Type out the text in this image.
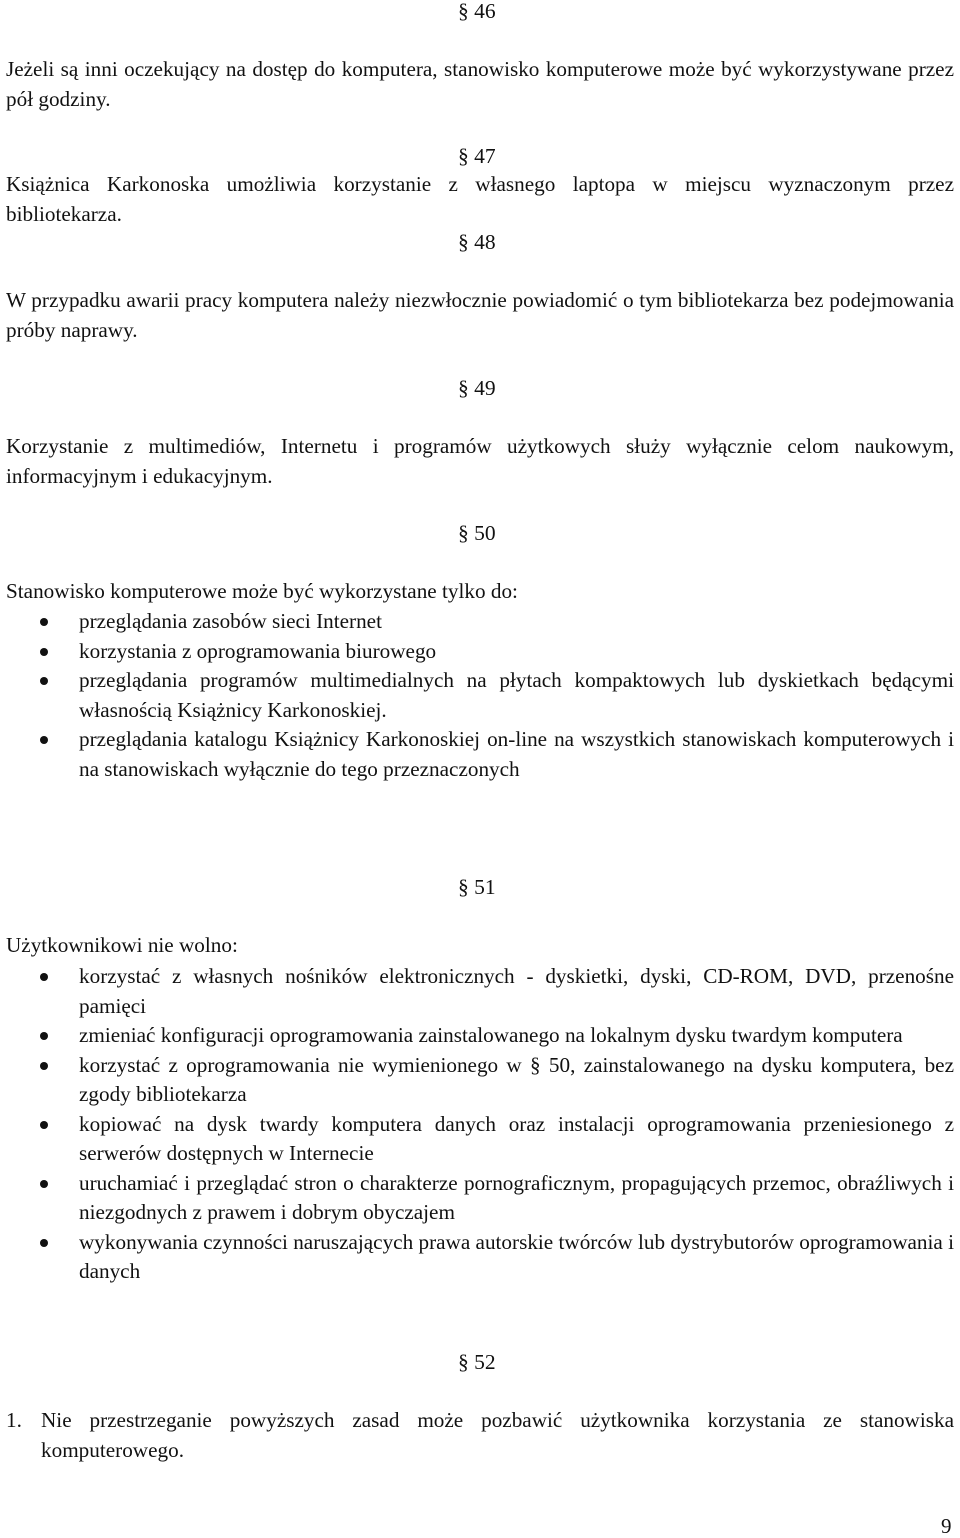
§ 46

Jeżeli są inni oczekujący na dostęp do komputera, stanowisko komputerowe może być wykorzystywane przez pół godziny.

§ 47

Książnica Karkonoska umożliwia korzystanie z własnego laptopa w miejscu wyznaczonym przez bibliotekarza.

§ 48

W przypadku awarii pracy komputera należy niezwłocznie powiadomić o tym bibliotekarza bez podejmowania próby naprawy.

§ 49

Korzystanie z multimediów, Internetu i programów użytkowych służy wyłącznie celom naukowym, informacyjnym i edukacyjnym.

§ 50

Stanowisko komputerowe może być wykorzystane tylko do:

przeglądania zasobów sieci Internet
korzystania z oprogramowania biurowego
przeglądania programów multimedialnych na płytach kompaktowych lub dyskietkach będącymi własnością Książnicy Karkonoskiej.
przeglądania katalogu Książnicy Karkonoskiej on-line na wszystkich stanowiskach komputerowych i na stanowiskach wyłącznie do tego przeznaczonych
§ 51

Użytkownikowi nie wolno:

korzystać z własnych nośników elektronicznych - dyskietki, dyski, CD-ROM, DVD, przenośne pamięci
zmieniać konfiguracji oprogramowania zainstalowanego na lokalnym dysku twardym komputera
korzystać z oprogramowania nie wymienionego w § 50, zainstalowanego na dysku komputera, bez zgody bibliotekarza
kopiować na dysk twardy komputera danych oraz instalacji oprogramowania przeniesionego z serwerów dostępnych w Internecie
uruchamiać i przeglądać stron o charakterze pornograficznym, propagujących przemoc, obraźliwych i niezgodnych z prawem i dobrym obyczajem
wykonywania czynności naruszających prawa autorskie twórców lub dystrybutorów oprogramowania i danych
§ 52
1. Nie przestrzeganie powyższych zasad może pozbawić użytkownika korzystania ze stanowiska komputerowego.
9
